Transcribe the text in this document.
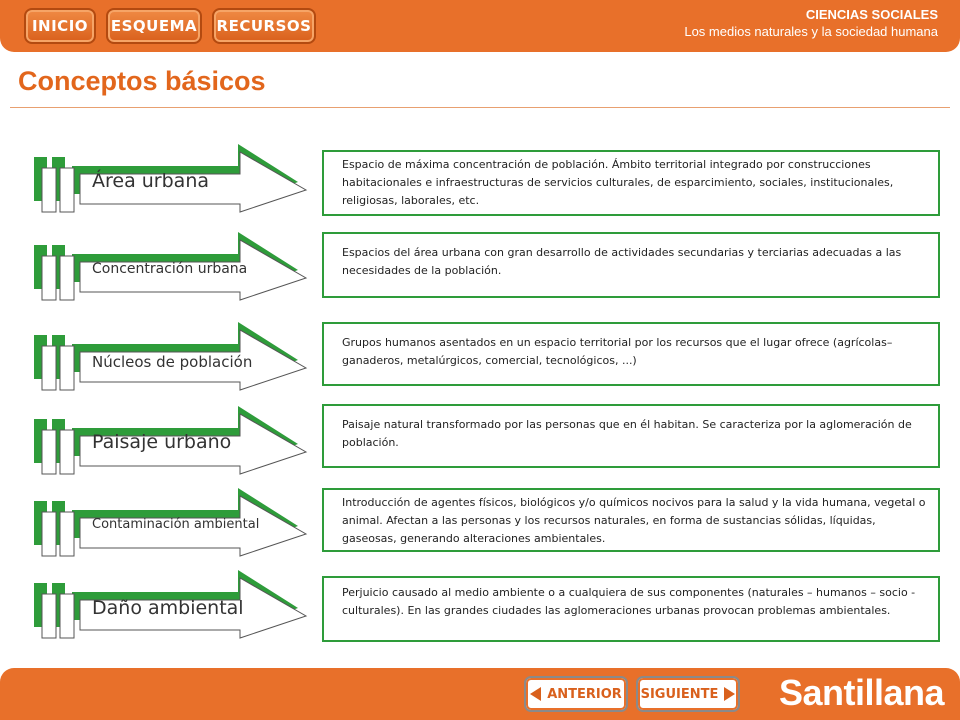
INICIO	ESQUEMA	RECURSOS
CIENCIAS SOCIALES
Los medios naturales y la sociedad humana
Conceptos básicos
Área urbana
Espacio de máxima concentración de población. Ámbito territorial integrado por construcciones habitacionales e infraestructuras de servicios culturales, de esparcimiento, sociales, institucionales, religiosas, laborales, etc.
Concentración urbana
Espacios del área urbana con gran desarrollo de actividades secundarias y terciarias adecuadas a las necesidades de la población.
Núcleos de población
Grupos humanos asentados en un espacio territorial por los recursos que el lugar ofrece (agrícolas–ganaderos, metalúrgicos, comercial, tecnológicos, ...)
Paisaje urbano
Paisaje natural transformado por las personas que en él habitan. Se caracteriza por la aglomeración de población.
Contaminación ambiental
Introducción de agentes físicos, biológicos y/o químicos nocivos para la salud y la vida humana, vegetal o animal. Afectan a las personas y los recursos naturales, en forma de sustancias sólidas, líquidas, gaseosas, generando alteraciones ambientales.
Daño ambiental
Perjuicio causado al medio ambiente o a cualquiera de sus componentes (naturales – humanos – socio - culturales). En las grandes ciudades las aglomeraciones urbanas provocan problemas ambientales.
ANTERIOR SIGUIENTE Santillana
